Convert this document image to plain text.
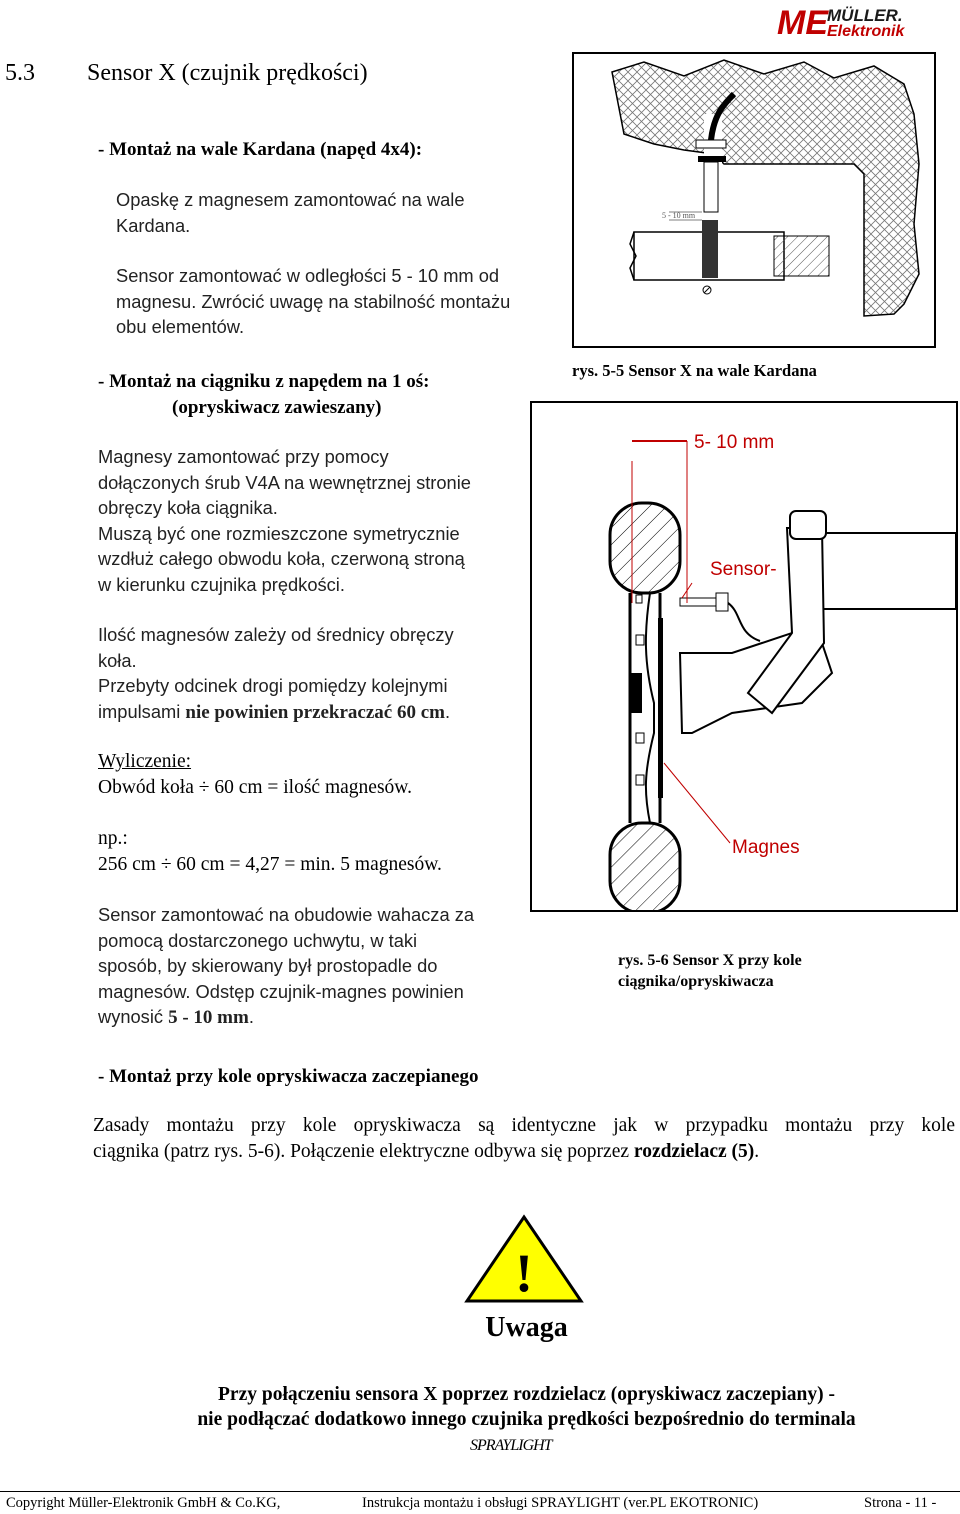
ME MÜLLER.
Elektronik
5.3 Sensor X (czujnik prędkości)
- Montaż na wale Kardana (napęd 4x4):
Opaskę z magnesem zamontować na wale
Kardana.
Sensor zamontować w odległości 5 - 10 mm od
magnesu. Zwrócić uwagę na stabilność montażu
obu elementów.
5 - 10 mm
rys. 5-5 Sensor X na wale Kardana
- Montaż na ciągniku z napędem na 1 oś:
(opryskiwacz zawieszany)
Magnesy zamontować przy pomocy
dołączonych śrub V4A na wewnętrznej stronie
obręczy koła ciągnika.
Muszą być one rozmieszczone symetrycznie
wzdłuż całego obwodu koła, czerwoną stroną
w kierunku czujnika prędkości.
Ilość magnesów zależy od średnicy obręczy
koła.
Przebyty odcinek drogi pomiędzy kolejnymi
impulsami nie powinien przekraczać 60 cm.
Wyliczenie:
Obwód koła ÷ 60 cm = ilość magnesów.
np.:
256 cm ÷ 60 cm = 4,27 = min. 5 magnesów.
Sensor zamontować na obudowie wahacza za
pomocą dostarczonego uchwytu, w taki
sposób, by skierowany był prostopadle do
magnesów. Odstęp czujnik-magnes powinien
wynosić 5 - 10 mm.
5- 10 mm
Sensor-
Magnes
rys. 5-6 Sensor X przy kole
ciągnika/opryskiwacza
- Montaż przy kole opryskiwacza zaczepianego
Zasady montażu przy kole opryskiwacza są identyczne jak w przypadku montażu przy kole
ciągnika (patrz rys. 5-6). Połączenie elektryczne odbywa się poprzez rozdzielacz (5).
!
Uwaga
Przy połączeniu sensora X poprzez rozdzielacz (opryskiwacz zaczepiany) -
nie podłączać dodatkowo innego czujnika prędkości bezpośrednio do terminala
SPRAYLIGHT
Copyright Müller-Elektronik GmbH & Co.KG,	Instrukcja montażu i obsługi SPRAYLIGHT (ver.PL EKOTRONIC)	Strona - 11 -
